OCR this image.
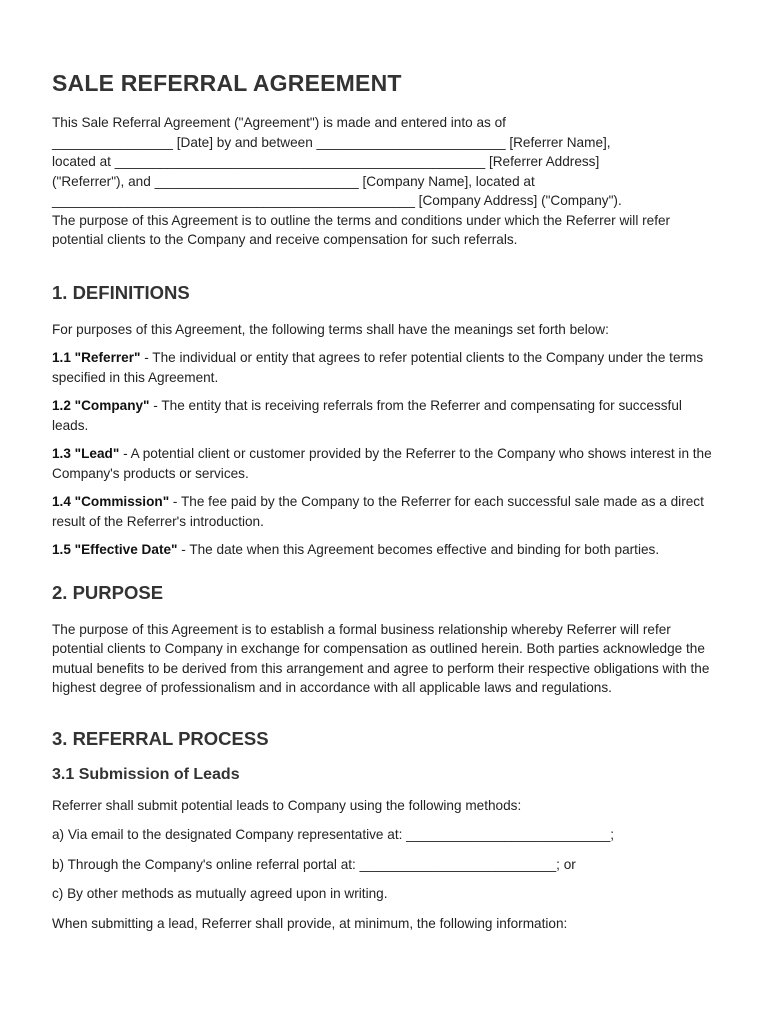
SALE REFERRAL AGREEMENT

This Sale Referral Agreement ("Agreement") is made and entered into as of

________________ [Date] by and between _________________________ [Referrer Name],

located at _________________________________________________ [Referrer Address]

("Referrer"), and ___________________________ [Company Name], located at

________________________________________________ [Company Address] ("Company").

The purpose of this Agreement is to outline the terms and conditions under which the Referrer will refer potential clients to the Company and receive compensation for such referrals.

1. DEFINITIONS

For purposes of this Agreement, the following terms shall have the meanings set forth below:

1.1 "Referrer" - The individual or entity that agrees to refer potential clients to the Company under the terms specified in this Agreement.

1.2 "Company" - The entity that is receiving referrals from the Referrer and compensating for successful leads.

1.3 "Lead" - A potential client or customer provided by the Referrer to the Company who shows interest in the Company's products or services.

1.4 "Commission" - The fee paid by the Company to the Referrer for each successful sale made as a direct result of the Referrer's introduction.

1.5 "Effective Date" - The date when this Agreement becomes effective and binding for both parties.

2. PURPOSE

The purpose of this Agreement is to establish a formal business relationship whereby Referrer will refer potential clients to Company in exchange for compensation as outlined herein. Both parties acknowledge the mutual benefits to be derived from this arrangement and agree to perform their respective obligations with the highest degree of professionalism and in accordance with all applicable laws and regulations.

3. REFERRAL PROCESS
3.1 Submission of Leads

Referrer shall submit potential leads to Company using the following methods:

a) Via email to the designated Company representative at: ___________________________;

b) Through the Company's online referral portal at: __________________________; or

c) By other methods as mutually agreed upon in writing.

When submitting a lead, Referrer shall provide, at minimum, the following information:
